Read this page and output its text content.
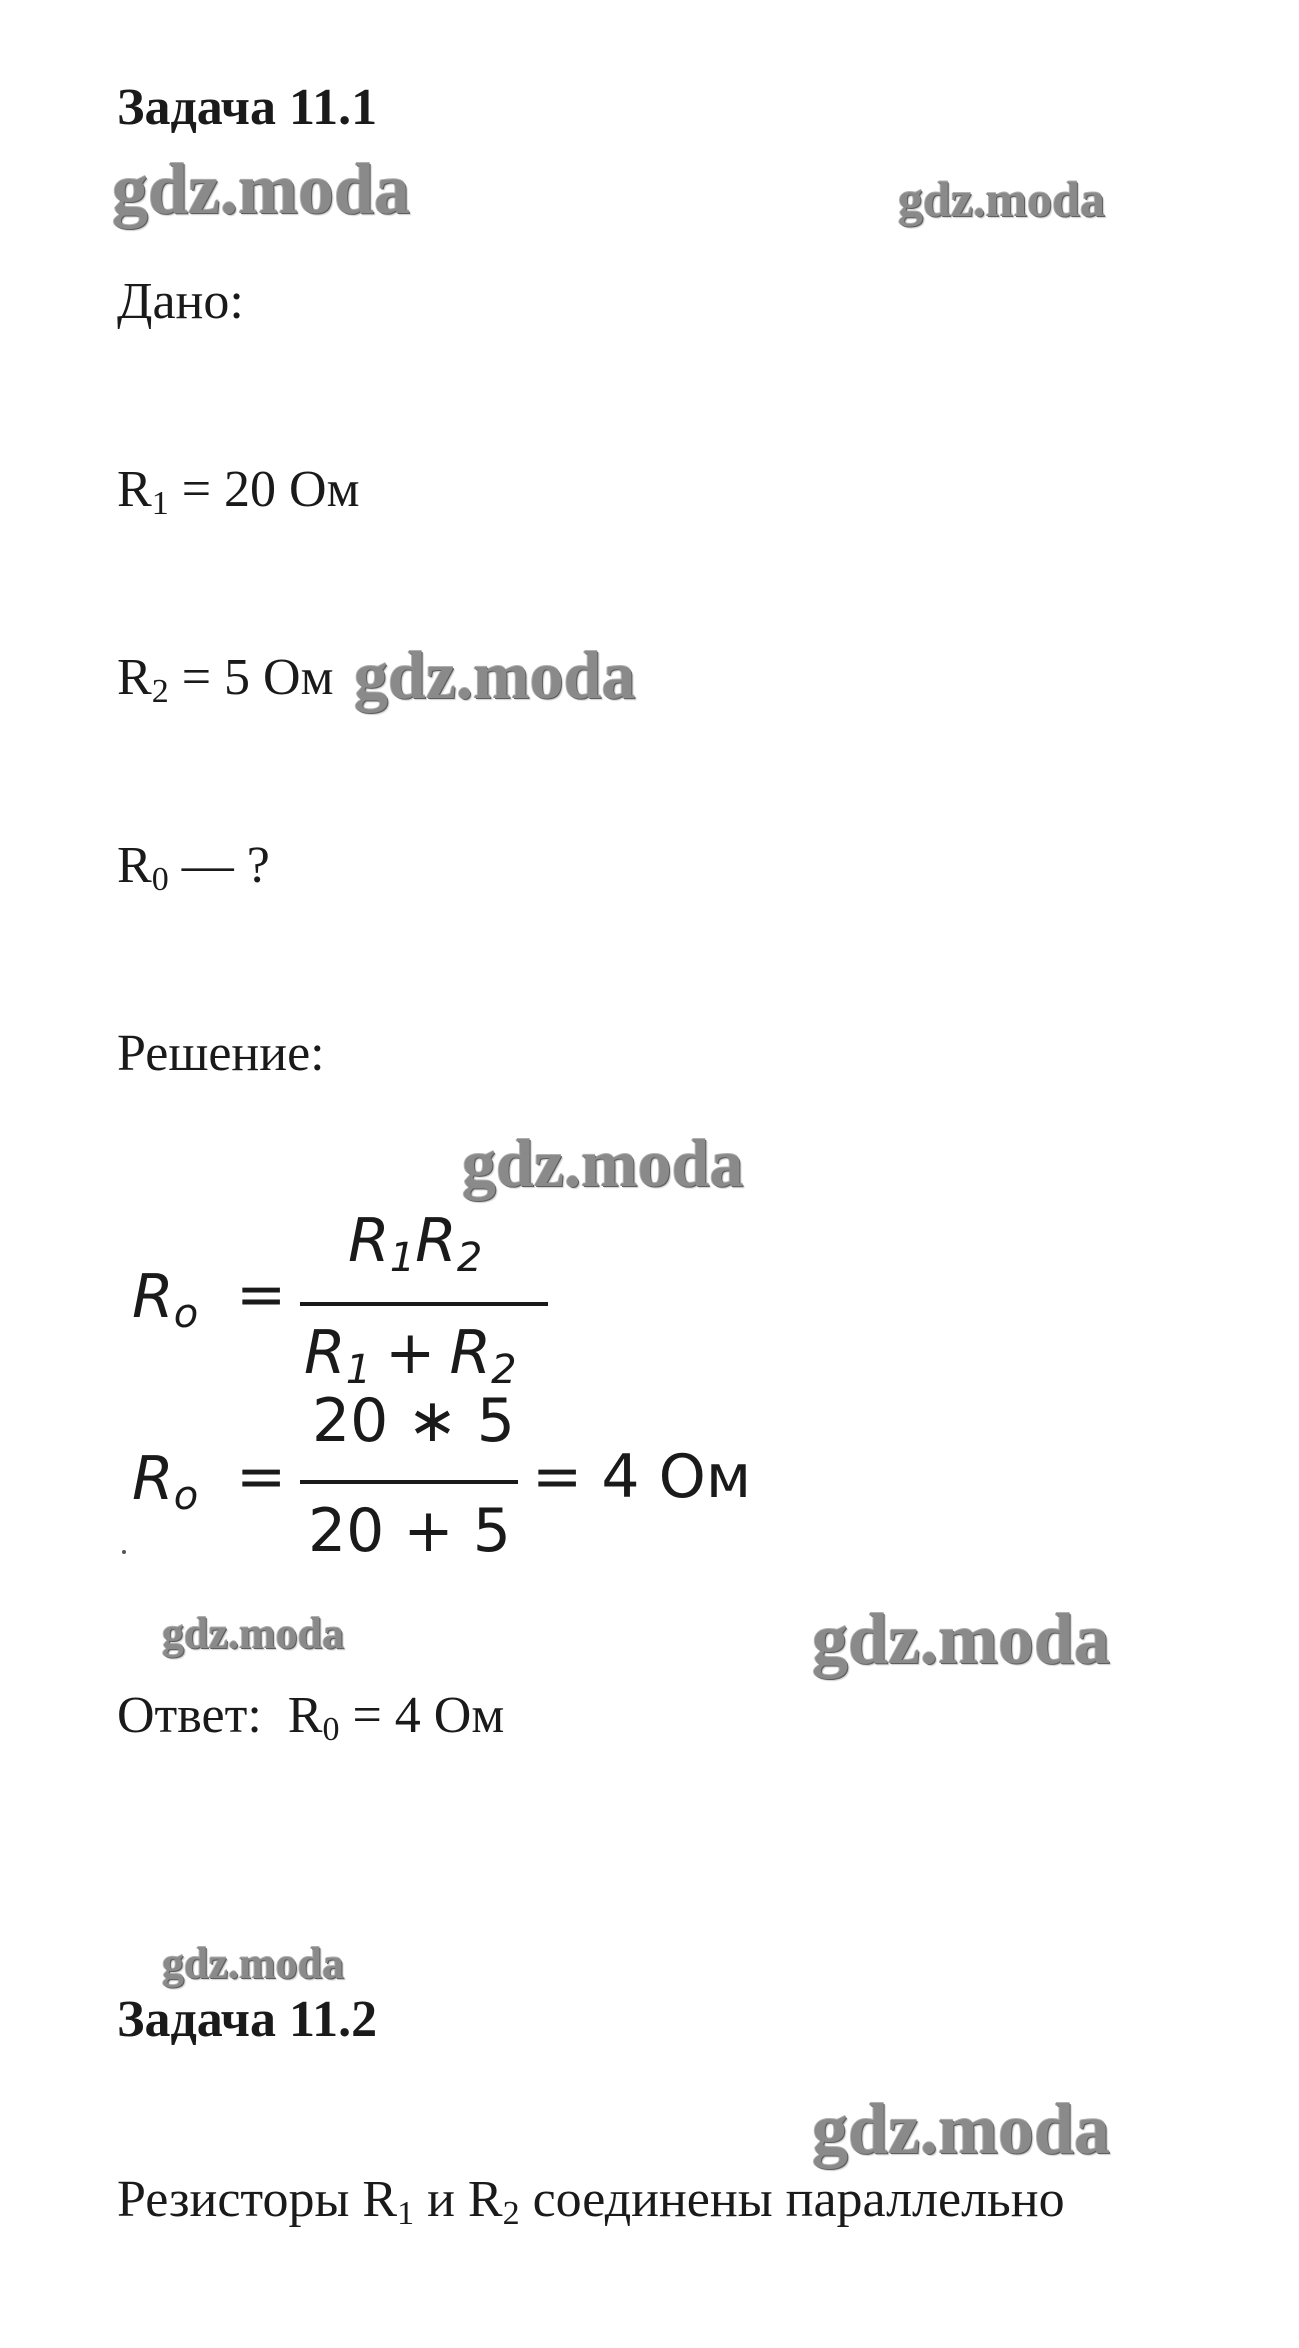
Задача 11.1
gdz.moda	gdz.moda
Дано:
$R_1 = 20$ Ом
$R_2 = 5$ Ом gdz.moda
$R_0$ — ?
Решение:
gdz.moda
$R_o$ =
$R_1R_2$
$R_1 + R_2$
$R_o$ =
20 ∗ 5
20 + 5
= 4 Ом
gdz.moda	gdz.moda
Ответ: $R_0 = 4$ Ом
gdz.moda
Задача 11.2
gdz.moda
Резисторы $R_1$ и $R_2$ соединены параллельно
